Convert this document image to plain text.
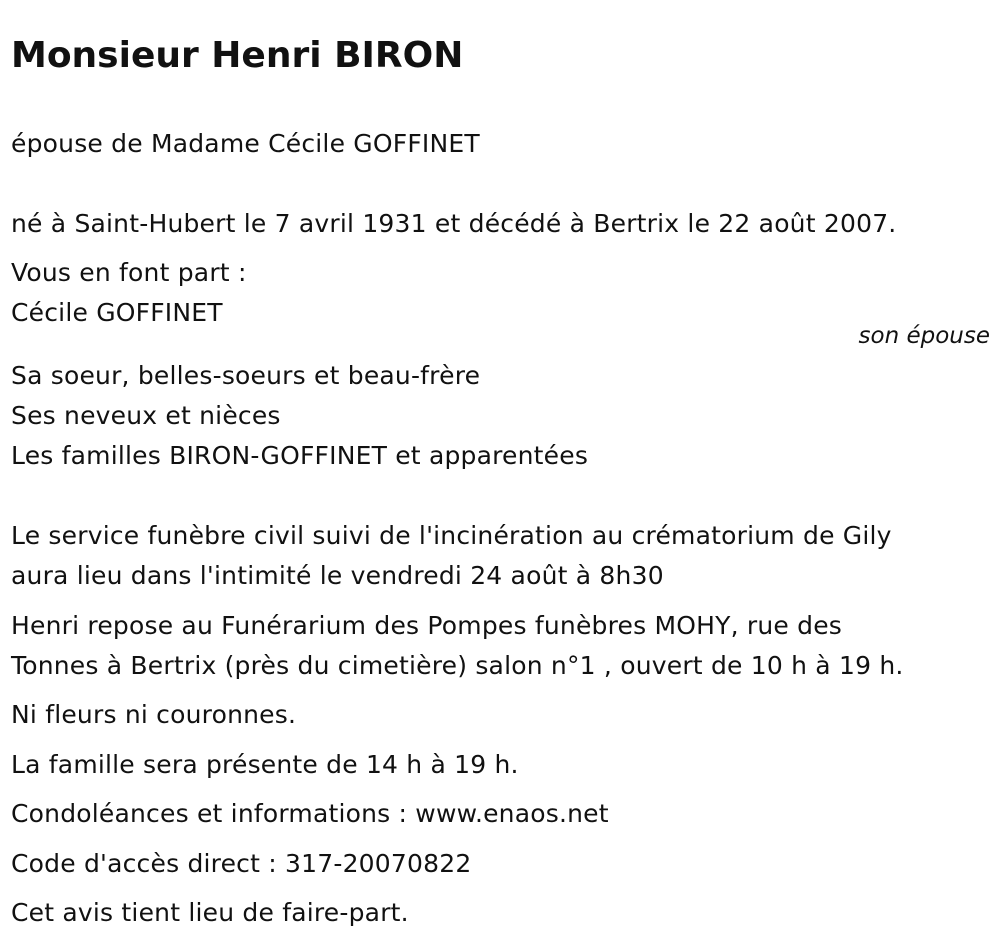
Monsieur Henri BIRON
épouse de Madame Cécile GOFFINET
né à Saint-Hubert le 7 avril 1931 et décédé à Bertrix le 22 août 2007.
Vous en font part :
Cécile GOFFINET
son épouse
Sa soeur, belles-soeurs et beau-frère
Ses neveux et nièces
Les familles BIRON-GOFFINET et apparentées
Le service funèbre civil suivi de l'incinération au crématorium de Gily
aura lieu dans l'intimité le vendredi 24 août à 8h30
Henri repose au Funérarium des Pompes funèbres MOHY, rue des
Tonnes à Bertrix (près du cimetière) salon n°1 , ouvert de 10 h à 19 h.
Ni fleurs ni couronnes.
La famille sera présente de 14 h à 19 h.
Condoléances et informations : www.enaos.net
Code d'accès direct : 317-20070822
Cet avis tient lieu de faire-part.
